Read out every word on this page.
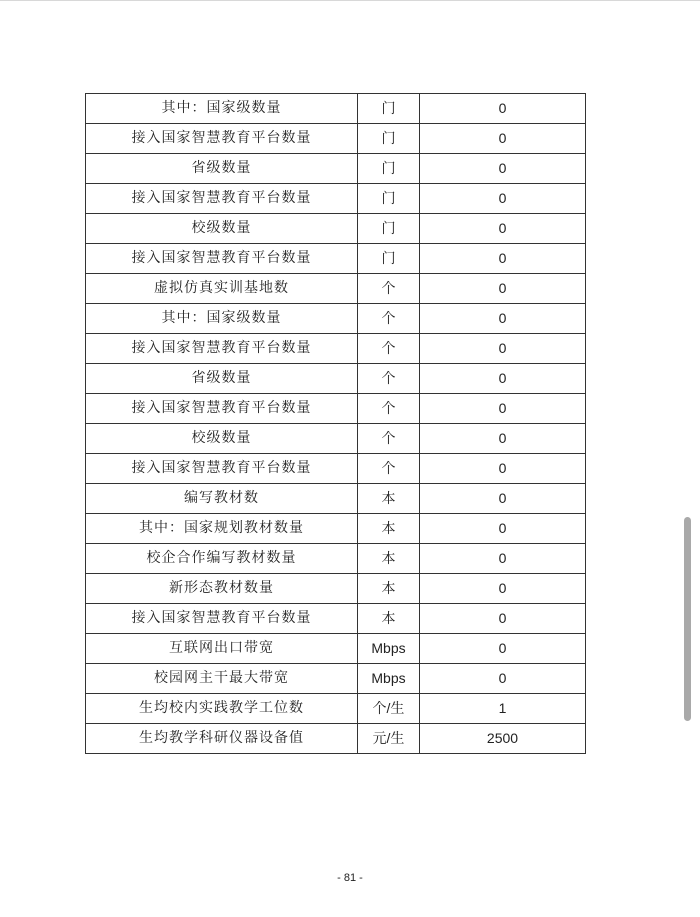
其中：国家级数量	门	0
接入国家智慧教育平台数量	门	0
省级数量	门	0
接入国家智慧教育平台数量	门	0
校级数量	门	0
接入国家智慧教育平台数量	门	0
虚拟仿真实训基地数	个	0
其中：国家级数量	个	0
接入国家智慧教育平台数量	个	0
省级数量	个	0
接入国家智慧教育平台数量	个	0
校级数量	个	0
接入国家智慧教育平台数量	个	0
编写教材数	本	0
其中：国家规划教材数量	本	0
校企合作编写教材数量	本	0
新形态教材数量	本	0
接入国家智慧教育平台数量	本	0
互联网出口带宽	Mbps	0
校园网主干最大带宽	Mbps	0
生均校内实践教学工位数	个/生	1
生均教学科研仪器设备值	元/生	2500
- 81 -
